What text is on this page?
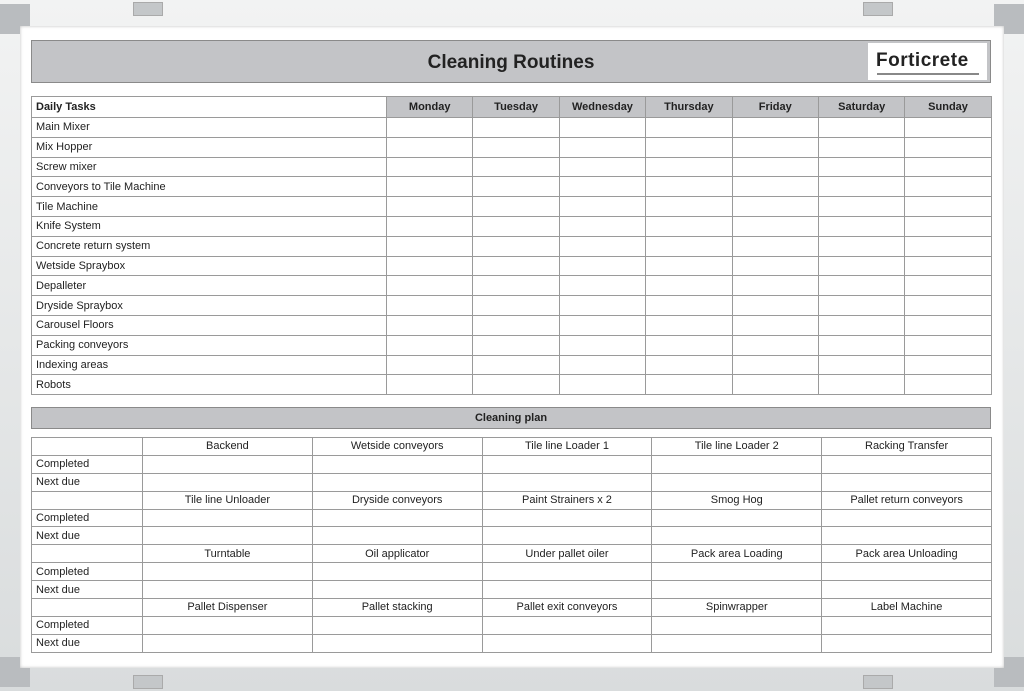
Cleaning Routines	Forticrete
Daily Tasks	Monday	Tuesday	Wednesday	Thursday	Friday	Saturday	Sunday
Main Mixer							
Mix Hopper							
Screw mixer							
Conveyors to Tile Machine							
Tile Machine							
Knife System							
Concrete return system							
Wetside Spraybox							
Depalleter							
Dryside Spraybox							
Carousel Floors							
Packing conveyors							
Indexing areas							
Robots							
Cleaning plan
	Backend	Wetside conveyors	Tile line Loader 1	Tile line Loader 2	Racking Transfer
Completed					
Next due					
	Tile line Unloader	Dryside conveyors	Paint Strainers x 2	Smog Hog	Pallet return conveyors
Completed					
Next due					
	Turntable	Oil applicator	Under pallet oiler	Pack area Loading	Pack area Unloading
Completed					
Next due					
	Pallet Dispenser	Pallet stacking	Pallet exit conveyors	Spinwrapper	Label Machine
Completed					
Next due					
